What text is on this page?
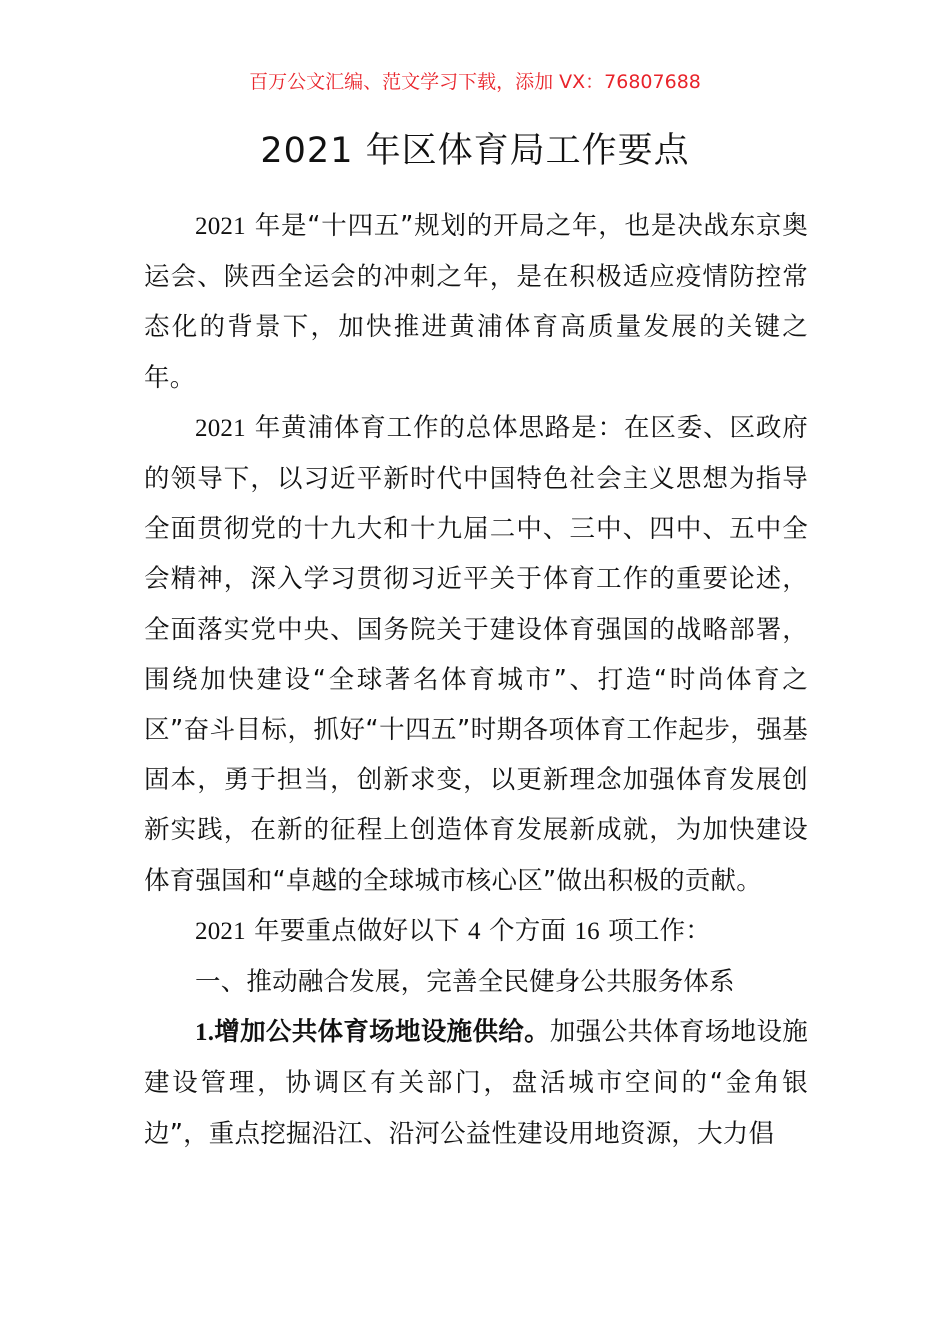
百万公文汇编、范文学习下载，添加 VX：76807688
2021 年区体育局工作要点

2021 年是“十四五”规划的开局之年，也是决战东京奥运会、陕西全运会的冲刺之年，是在积极适应疫情防控常态化的背景下，加快推进黄浦体育高质量发展的关键之年。

2021 年黄浦体育工作的总体思路是：在区委、区政府的领导下，以习近平新时代中国特色社会主义思想为指导全面贯彻党的十九大和十九届二中、三中、四中、五中全会精神，深入学习贯彻习近平关于体育工作的重要论述，全面落实党中央、国务院关于建设体育强国的战略部署，围绕加快建设“全球著名体育城市”、打造“时尚体育之区”奋斗目标，抓好“十四五”时期各项体育工作起步，强基固本，勇于担当，创新求变，以更新理念加强体育发展创新实践，在新的征程上创造体育发展新成就，为加快建设体育强国和“卓越的全球城市核心区”做出积极的贡献。

2021 年要重点做好以下 4 个方面 16 项工作：

一、推动融合发展，完善全民健身公共服务体系

1.增加公共体育场地设施供给。加强公共体育场地设施建设管理，协调区有关部门，盘活城市空间的“金角银边”，重点挖掘沿江、沿河公益性建设用地资源，大力倡
